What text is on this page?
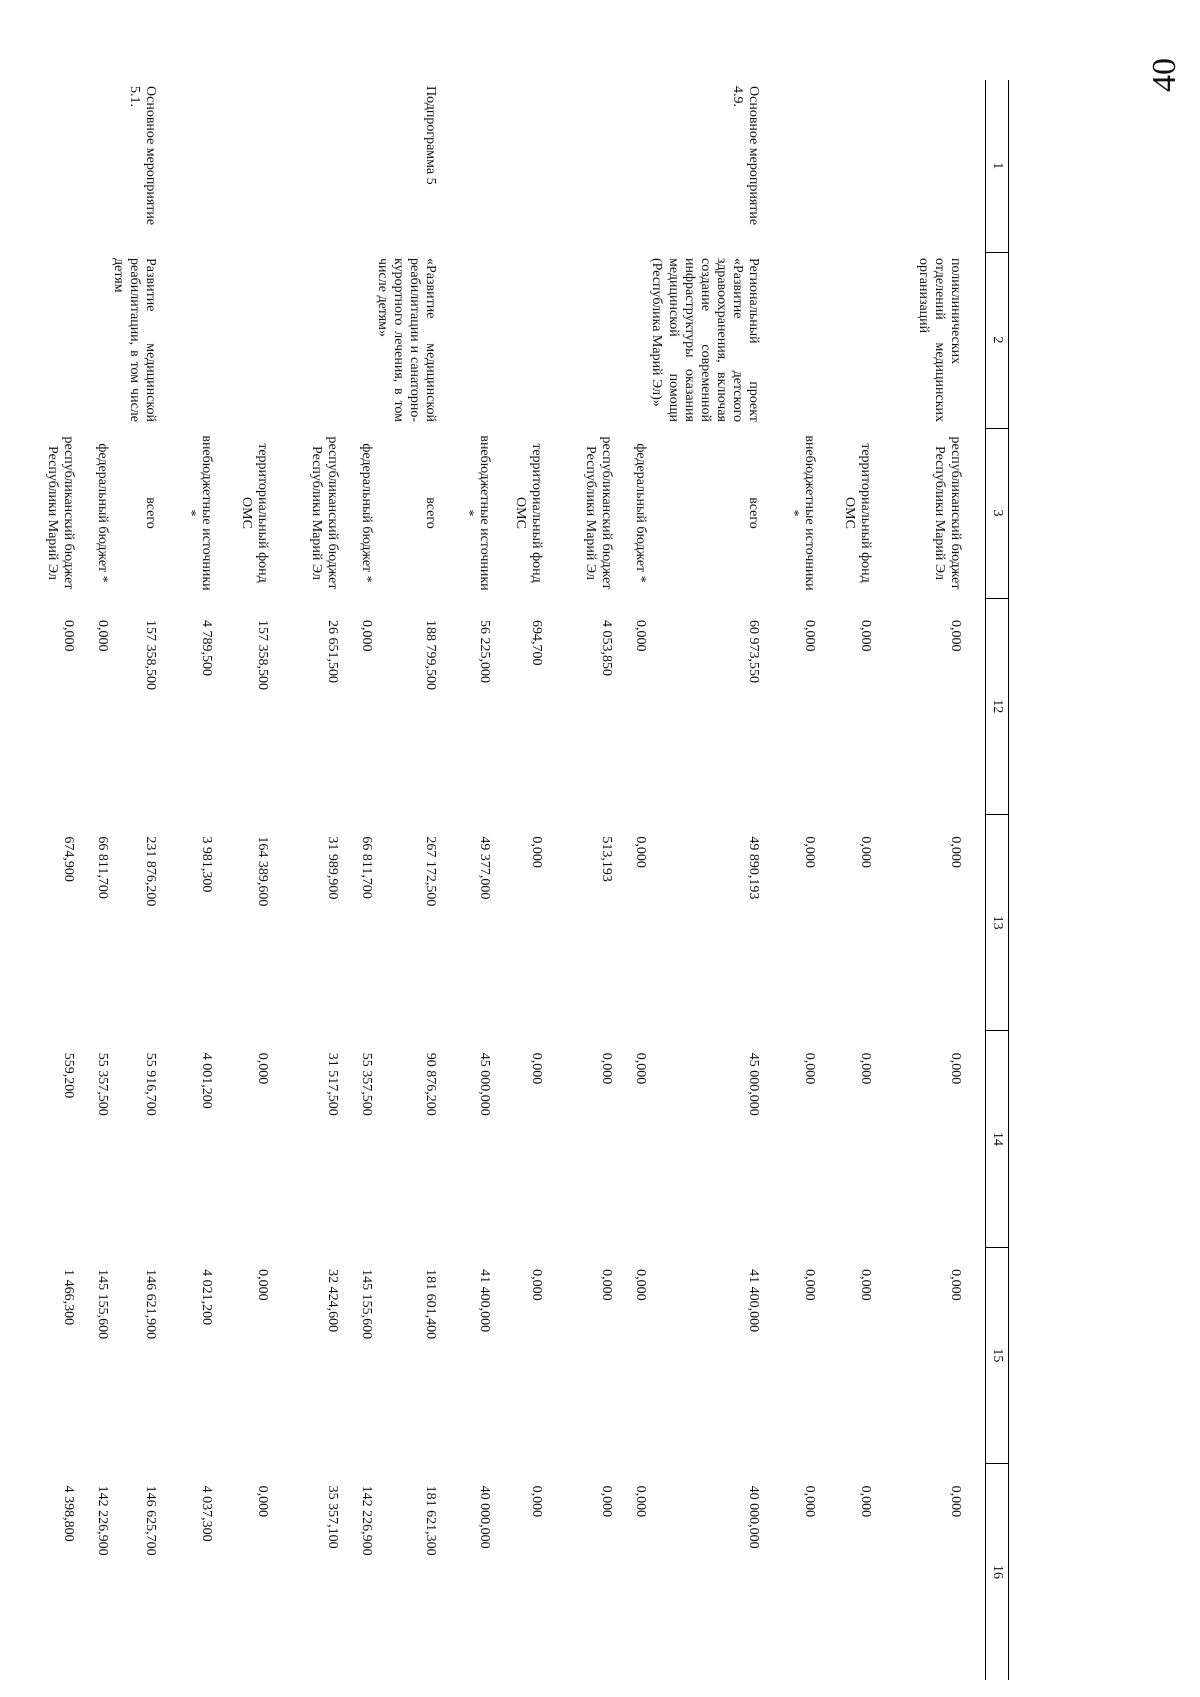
40
1	2	3	12	13	14	15	16

	поликлинических отделений медицинских организаций	республиканский бюджет Республики Марий Эл	0,000	0,000	0,000	0,000	0,000
		территориальный фонд ОМС	0,000	0,000	0,000	0,000	0,000
		внебюджетные источники *	0,000	0,000	0,000	0,000	0,000
Основное мероприятие 4.9.	Региональный проект «Развитие детского здравоохранения, включая создание современной инфраструктуры оказания медицинской помощи (Республика Марий Эл)»	всего	60 973,550	49 890,193	45 000,000	41 400,000	40 000,000
		федеральный бюджет *	0,000	0,000	0,000	0,000	0,000
		республиканский бюджет Республики Марий Эл	4 053,850	513,193	0,000	0,000	0,000
		территориальный фонд ОМС	694,700	0,000	0,000	0,000	0,000
		внебюджетные источники *	56 225,000	49 377,000	45 000,000	41 400,000	40 000,000
Подпрограмма 5	«Развитие медицинской реабилитации и санаторно-курортного лечения, в том числе детям»	всего	188 799,500	267 172,500	90 876,200	181 601,400	181 621,300
		федеральный бюджет *	0,000	66 811,700	55 357,500	145 155,600	142 226,900
		республиканский бюджет Республики Марий Эл	26 651,500	31 989,900	31 517,500	32 424,600	35 357,100
		территориальный фонд ОМС	157 358,500	164 389,600	0,000	0,000	0,000
		внебюджетные источники *	4 789,500	3 981,300	4 001,200	4 021,200	4 037,300
Основное мероприятие 5.1.	Развитие медицинской реабилитации, в том числе детям	всего	157 358,500	231 876,200	55 916,700	146 621,900	146 625,700
		федеральный бюджет *	0,000	66 811,700	55 357,500	145 155,600	142 226,900
		республиканский бюджет Республики Марий Эл	0,000	674,900	559,200	1 466,300	4 398,800
